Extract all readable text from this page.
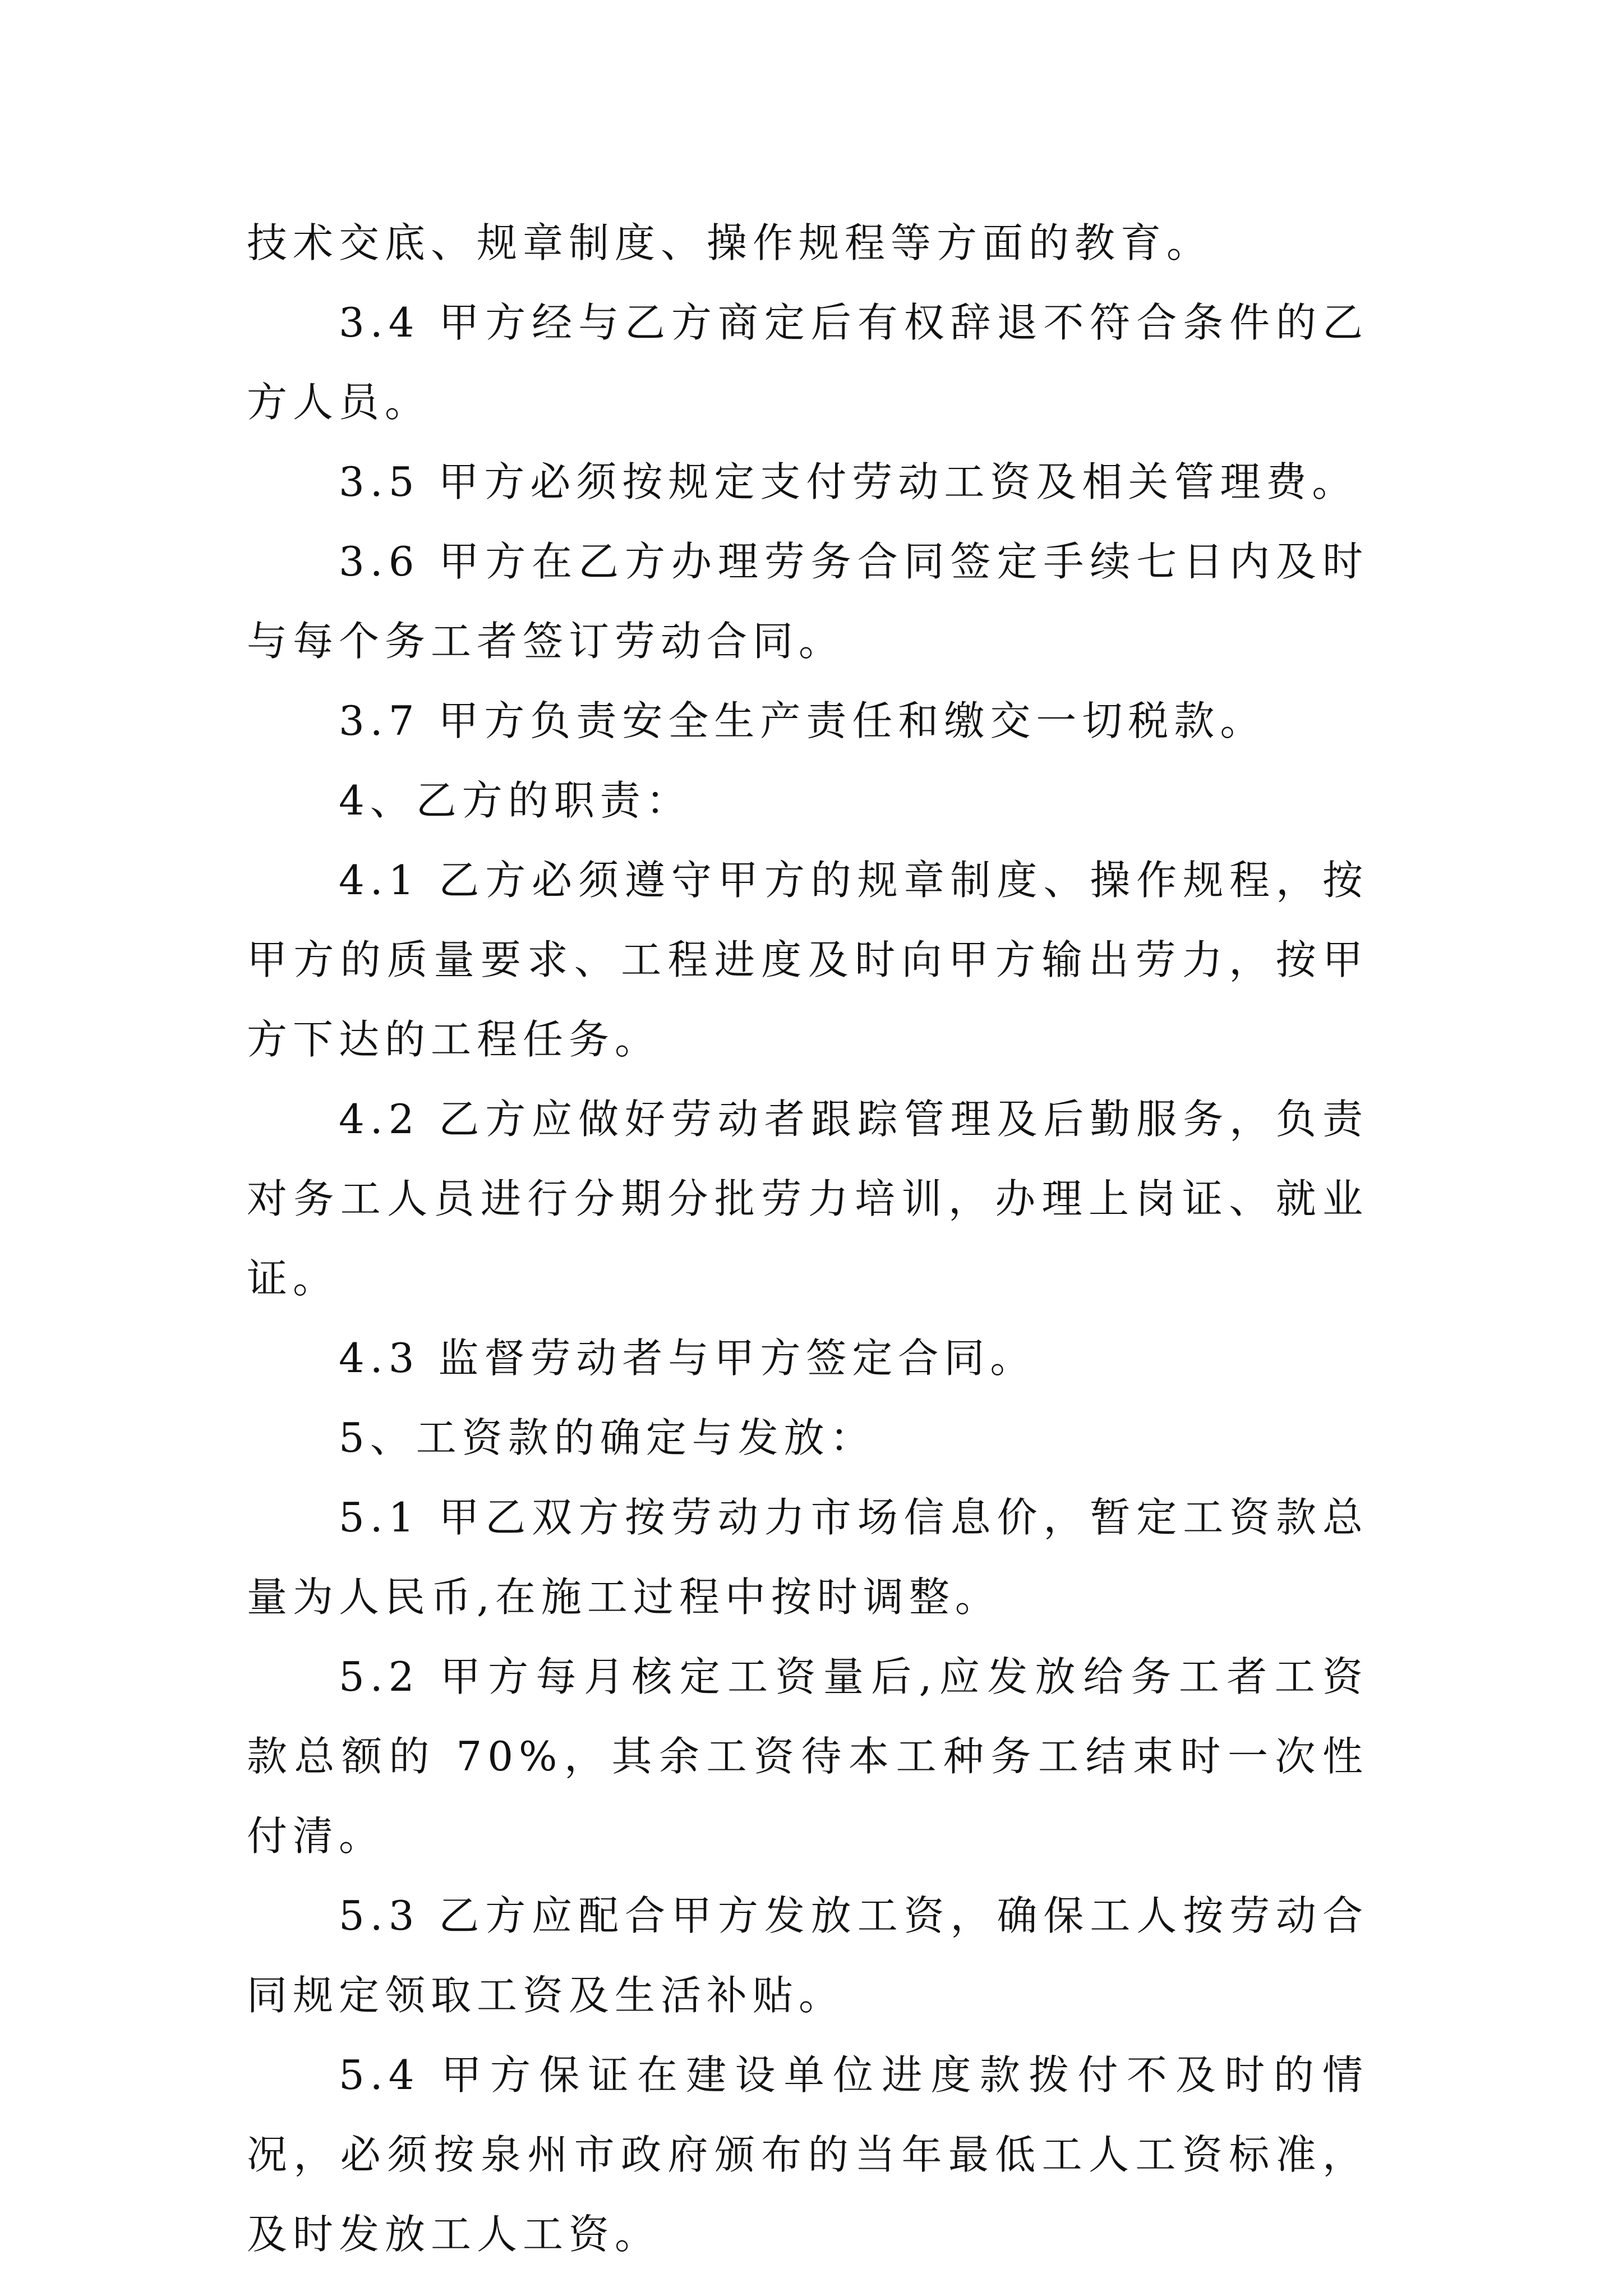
技术交底、规章制度、操作规程等方面的教育。

3.4 甲方经与乙方商定后有权辞退不符合条件的乙方人员。

3.5 甲方必须按规定支付劳动工资及相关管理费。

3.6 甲方在乙方办理劳务合同签定手续七日内及时与每个务工者签订劳动合同。

3.7 甲方负责安全生产责任和缴交一切税款。

4、乙方的职责：

4.1 乙方必须遵守甲方的规章制度、操作规程，按甲方的质量要求、工程进度及时向甲方输出劳力，按甲方下达的工程任务。

4.2 乙方应做好劳动者跟踪管理及后勤服务，负责对务工人员进行分期分批劳力培训，办理上岗证、就业证。

4.3 监督劳动者与甲方签定合同。

5、工资款的确定与发放：

5.1 甲乙双方按劳动力市场信息价，暂定工资款总量为人民币,在施工过程中按时调整。

5.2 甲方每月核定工资量后,应发放给务工者工资款总额的 70%，其余工资待本工种务工结束时一次性付清。

5.3 乙方应配合甲方发放工资，确保工人按劳动合同规定领取工资及生活补贴。

5.4 甲方保证在建设单位进度款拨付不及时的情况，必须按泉州市政府颁布的当年最低工人工资标准，及时发放工人工资。
